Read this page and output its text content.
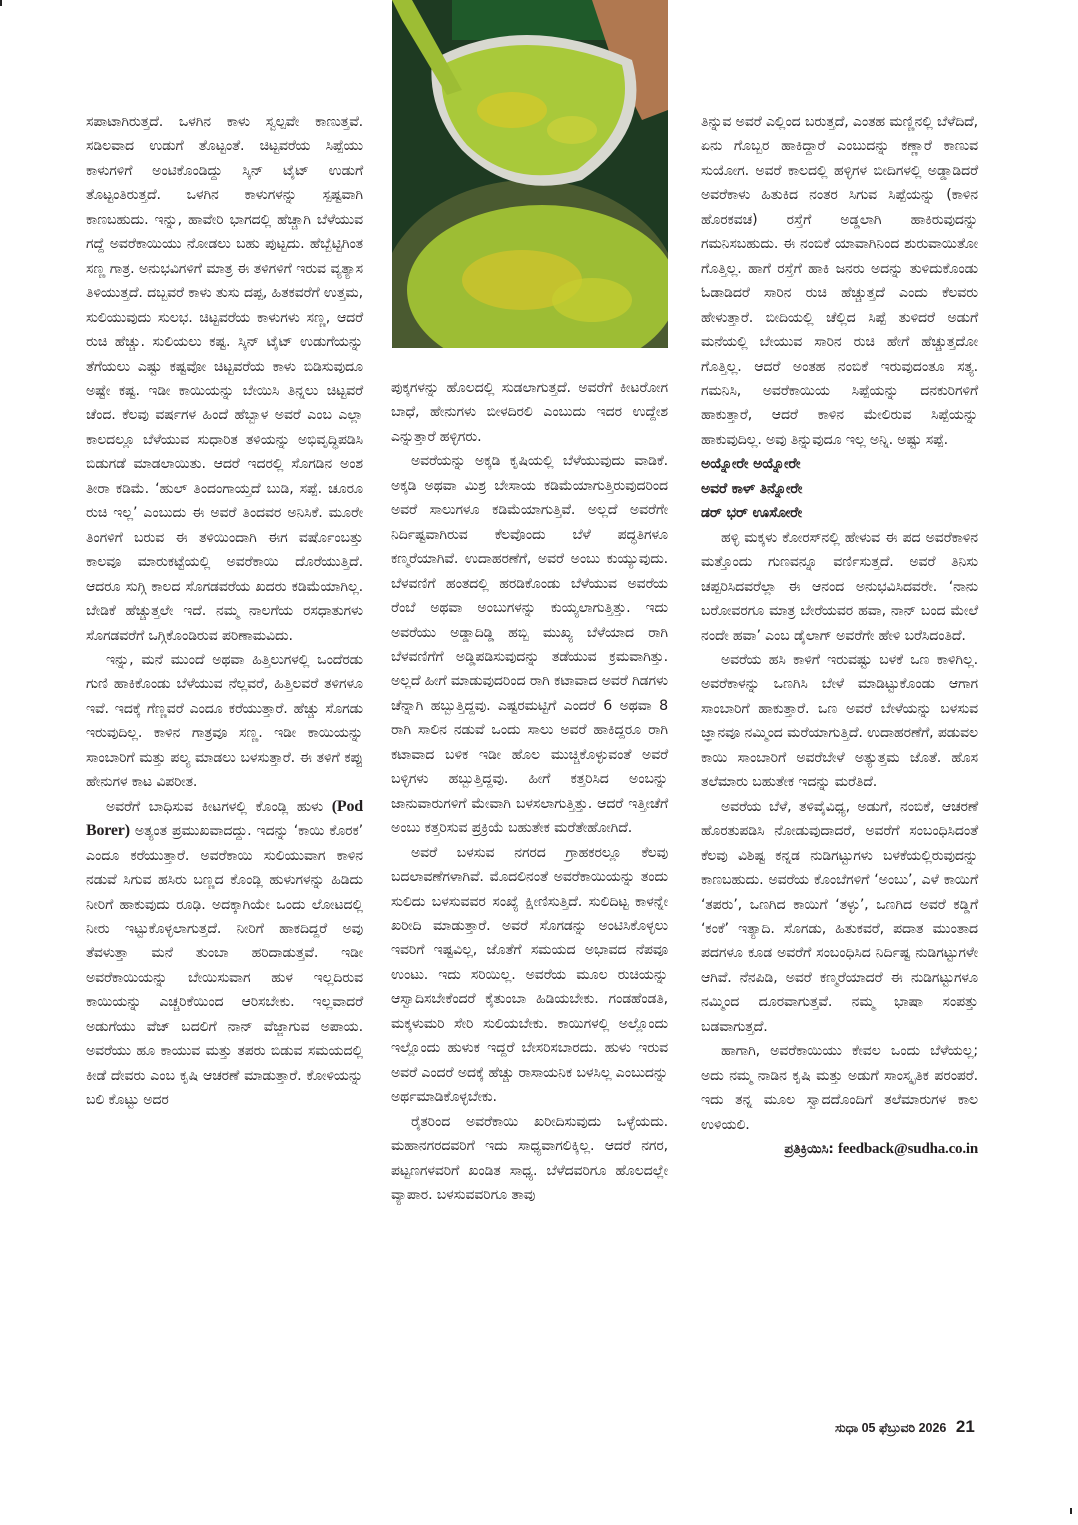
ಸಪಾಟಾಗಿರುತ್ತದೆ. ಒಳಗಿನ ಕಾಳು ಸ್ವಲ್ಪವೇ ಕಾಣುತ್ತವೆ. ಸಡಿಲವಾದ ಉಡುಗೆ ತೊಟ್ಟಂತೆ. ಚಿಟ್ಟವರೆಯ ಸಿಪ್ಪೆಯು ಕಾಳುಗಳಿಗೆ ಅಂಟಿಕೊಂಡಿದ್ದು ಸ್ಕಿನ್ ಟೈಟ್ ಉಡುಗೆ ತೊಟ್ಟಂತಿರುತ್ತದೆ. ಒಳಗಿನ ಕಾಳುಗಳನ್ನು ಸ್ಪಷ್ಟವಾಗಿ ಕಾಣಬಹುದು. ಇನ್ನು, ಹಾವೇರಿ ಭಾಗದಲ್ಲಿ ಹೆಚ್ಚಾಗಿ ಬೆಳೆಯುವ ಗದ್ದೆ ಅವರೆಕಾಯಿಯು ನೋಡಲು ಬಹು ಪುಟ್ಟದು. ಹೆಬ್ಬೆಟ್ಟಿಗಿಂತ ಸಣ್ಣ ಗಾತ್ರ. ಅನುಭವಿಗಳಿಗೆ ಮಾತ್ರ ಈ ತಳಿಗಳಿಗೆ ಇರುವ ವ್ಯತ್ಯಾಸ ತಿಳಿಯುತ್ತದೆ. ದಬ್ಬವರೆ ಕಾಳು ತುಸು ದಪ್ಪ, ಹಿತಕವರೆಗೆ ಉತ್ತಮ, ಸುಲಿಯುವುದು ಸುಲಭ. ಚಿಟ್ಟವರೆಯ ಕಾಳುಗಳು ಸಣ್ಣ, ಆದರೆ ರುಚಿ ಹೆಚ್ಚು. ಸುಲಿಯಲು ಕಷ್ಟ. ಸ್ಕಿನ್ ಟೈಟ್ ಉಡುಗೆಯನ್ನು ತೆಗೆಯಲು ಎಷ್ಟು ಕಷ್ಟವೋ ಚಿಟ್ಟವರೆಯ ಕಾಳು ಬಿಡಿಸುವುದೂ ಅಷ್ಟೇ ಕಷ್ಟ. ಇಡೀ ಕಾಯಿಯನ್ನು ಬೇಯಿಸಿ ತಿನ್ನಲು ಚಿಟ್ಟವರೆ ಚೆಂದ. ಕೆಲವು ವರ್ಷಗಳ ಹಿಂದೆ ಹೆಬ್ಬಾಳ ಅವರೆ ಎಂಬ ಎಲ್ಲಾ ಕಾಲದಲ್ಲೂ ಬೆಳೆಯುವ ಸುಧಾರಿತ ತಳಿಯನ್ನು ಅಭಿವೃದ್ಧಿಪಡಿಸಿ ಬಿಡುಗಡೆ ಮಾಡಲಾಯಿತು. ಆದರೆ ಇದರಲ್ಲಿ ಸೊಗಡಿನ ಅಂಶ ತೀರಾ ಕಡಿಮೆ. ‘ಹುಲ್ ತಿಂದಂಗಾಯ್ತದೆ ಬುಡಿ, ಸಪ್ಪೆ. ಚೂರೂ ರುಚಿ ಇಲ್ಲ’ ಎಂಬುದು ಈ ಅವರೆ ತಿಂದವರ ಅನಿಸಿಕೆ. ಮೂರೇ ತಿಂಗಳಿಗೆ ಬರುವ ಈ ತಳಿಯಿಂದಾಗಿ ಈಗ ವರ್ಷೊಂಬತ್ತು ಕಾಲವೂ ಮಾರುಕಟ್ಟೆಯಲ್ಲಿ ಅವರೆಕಾಯಿ ದೊರೆಯುತ್ತಿದೆ. ಆದರೂ ಸುಗ್ಗಿ ಕಾಲದ ಸೊಗಡವರೆಯ ಖದರು ಕಡಿಮೆಯಾಗಿಲ್ಲ. ಬೇಡಿಕೆ ಹೆಚ್ಚುತ್ತಲೇ ಇದೆ. ನಮ್ಮ ನಾಲಗೆಯ ರಸಧಾತುಗಳು ಸೊಗಡವರೆಗೆ ಒಗ್ಗಿಕೊಂಡಿರುವ ಪರಿಣಾಮವಿದು.

ಇನ್ನು, ಮನೆ ಮುಂದೆ ಅಥವಾ ಹಿತ್ತಿಲುಗಳಲ್ಲಿ ಒಂದೆರಡು ಗುಣಿ ಹಾಕಿಕೊಂಡು ಬೆಳೆಯುವ ನೆಲ್ಲವರೆ, ಹಿತ್ತಿಲವರೆ ತಳಿಗಳೂ ಇವೆ. ಇದಕ್ಕೆ ಗೆಣ್ಣವರೆ ಎಂದೂ ಕರೆಯುತ್ತಾರೆ. ಹೆಚ್ಚು ಸೊಗಡು ಇರುವುದಿಲ್ಲ. ಕಾಳಿನ ಗಾತ್ರವೂ ಸಣ್ಣ. ಇಡೀ ಕಾಯಿಯನ್ನು ಸಾಂಬಾರಿಗೆ ಮತ್ತು ಪಲ್ಯ ಮಾಡಲು ಬಳಸುತ್ತಾರೆ. ಈ ತಳಿಗೆ ಕಪ್ಪು ಹೇನುಗಳ ಕಾಟ ವಿಪರೀತ.

ಅವರೆಗೆ ಬಾಧಿಸುವ ಕೀಟಗಳಲ್ಲಿ ಕೊಂಡ್ಲಿ ಹುಳು (Pod Borer) ಅತ್ಯಂತ ಪ್ರಮುಖವಾದದ್ದು. ಇದನ್ನು ‘ಕಾಯಿ ಕೊರಕ’ ಎಂದೂ ಕರೆಯುತ್ತಾರೆ. ಅವರೆಕಾಯಿ ಸುಲಿಯುವಾಗ ಕಾಳಿನ ನಡುವೆ ಸಿಗುವ ಹಸಿರು ಬಣ್ಣದ ಕೊಂಡ್ಲಿ ಹುಳುಗಳನ್ನು ಹಿಡಿದು ನೀರಿಗೆ ಹಾಕುವುದು ರೂಢಿ. ಅದಕ್ಕಾಗಿಯೇ ಒಂದು ಲೋಟದಲ್ಲಿ ನೀರು ಇಟ್ಟುಕೊಳ್ಳಲಾಗುತ್ತದೆ. ನೀರಿಗೆ ಹಾಕದಿದ್ದರೆ ಅವು ತೆವಳುತ್ತಾ ಮನೆ ತುಂಬಾ ಹರಿದಾಡುತ್ತವೆ. ಇಡೀ ಅವರೆಕಾಯಿಯನ್ನು ಬೇಯಿಸುವಾಗ ಹುಳ ಇಲ್ಲದಿರುವ ಕಾಯಿಯನ್ನು ಎಚ್ಚರಿಕೆಯಿಂದ ಆರಿಸಬೇಕು. ಇಲ್ಲವಾದರೆ ಅಡುಗೆಯು ವೆಜ್ ಬದಲಿಗೆ ನಾನ್ ವೆಜ್ಜಾಗುವ ಅಪಾಯ. ಅವರೆಯು ಹೂ ಕಾಯುವ ಮತ್ತು ತಪರು ಬಿಡುವ ಸಮಯದಲ್ಲಿ ಕೀಡೆ ದೇವರು ಎಂಬ ಕೃಷಿ ಆಚರಣೆ ಮಾಡುತ್ತಾರೆ. ಕೋಳಿಯನ್ನು ಬಲಿ ಕೊಟ್ಟು ಅದರ

ಪುಕ್ಕಗಳನ್ನು ಹೊಲದಲ್ಲಿ ಸುಡಲಾಗುತ್ತದೆ. ಅವರೆಗೆ ಕೀಟರೋಗ ಬಾಧೆ, ಹೇನುಗಳು ಬೀಳದಿರಲಿ ಎಂಬುದು ಇದರ ಉದ್ದೇಶ ಎನ್ನುತ್ತಾರೆ ಹಳ್ಳಿಗರು.

ಅವರೆಯನ್ನು ಅಕ್ಕಡಿ ಕೃಷಿಯಲ್ಲಿ ಬೆಳೆಯುವುದು ವಾಡಿಕೆ. ಅಕ್ಕಡಿ ಅಥವಾ ಮಿಶ್ರ ಬೇಸಾಯ ಕಡಿಮೆಯಾಗುತ್ತಿರುವುದರಿಂದ ಅವರೆ ಸಾಲುಗಳೂ ಕಡಿಮೆಯಾಗುತ್ತಿವೆ. ಅಲ್ಲದೆ ಅವರೆಗೇ ನಿರ್ದಿಷ್ಟವಾಗಿರುವ ಕೆಲವೊಂದು ಬೆಳೆ ಪದ್ಧತಿಗಳೂ ಕಣ್ಮರೆಯಾಗಿವೆ. ಉದಾಹರಣೆಗೆ, ಅವರೆ ಅಂಬು ಕುಯ್ಯುವುದು. ಬೆಳವಣಿಗೆ ಹಂತದಲ್ಲಿ ಹರಡಿಕೊಂಡು ಬೆಳೆಯುವ ಅವರೆಯ ರೆಂಬೆ ಅಥವಾ ಅಂಬುಗಳನ್ನು ಕುಯ್ಯಲಾಗುತ್ತಿತ್ತು. ಇದು ಅವರೆಯು ಅಡ್ಡಾದಿಡ್ಡಿ ಹಬ್ಬಿ ಮುಖ್ಯ ಬೆಳೆಯಾದ ರಾಗಿ ಬೆಳವಣಿಗೆಗೆ ಅಡ್ಡಿಪಡಿಸುವುದನ್ನು ತಡೆಯುವ ಕ್ರಮವಾಗಿತ್ತು. ಅಲ್ಲದೆ ಹೀಗೆ ಮಾಡುವುದರಿಂದ ರಾಗಿ ಕಟಾವಾದ ಅವರೆ ಗಿಡಗಳು ಚೆನ್ನಾಗಿ ಹಬ್ಬುತ್ತಿದ್ದವು. ಎಷ್ಟರಮಟ್ಟಿಗೆ ಎಂದರೆ 6 ಅಥವಾ 8 ರಾಗಿ ಸಾಲಿನ ನಡುವೆ ಒಂದು ಸಾಲು ಅವರೆ ಹಾಕಿದ್ದರೂ ರಾಗಿ ಕಟಾವಾದ ಬಳಿಕ ಇಡೀ ಹೊಲ ಮುಚ್ಚಿಕೊಳ್ಳುವಂತೆ ಅವರೆ ಬಳ್ಳಿಗಳು ಹಬ್ಬುತ್ತಿದ್ದವು. ಹೀಗೆ ಕತ್ತರಿಸಿದ ಅಂಬನ್ನು ಜಾನುವಾರುಗಳಿಗೆ ಮೇವಾಗಿ ಬಳಸಲಾಗುತ್ತಿತ್ತು. ಆದರೆ ಇತ್ತೀಚೆಗೆ ಅಂಬು ಕತ್ತರಿಸುವ ಪ್ರಕ್ರಿಯೆ ಬಹುತೇಕ ಮರೆತೇಹೋಗಿದೆ.

ಅವರೆ ಬಳಸುವ ನಗರದ ಗ್ರಾಹಕರಲ್ಲೂ ಕೆಲವು ಬದಲಾವಣೆಗಳಾಗಿವೆ. ಮೊದಲಿನಂತೆ ಅವರೆಕಾಯಿಯನ್ನು ತಂದು ಸುಲಿದು ಬಳಸುವವರ ಸಂಖ್ಯೆ ಕ್ಷೀಣಿಸುತ್ತಿದೆ. ಸುಲಿದಿಟ್ಟ ಕಾಳನ್ನೇ ಖರೀದಿ ಮಾಡುತ್ತಾರೆ. ಅವರೆ ಸೊಗಡನ್ನು ಅಂಟಿಸಿಕೊಳ್ಳಲು ಇವರಿಗೆ ಇಷ್ಟವಿಲ್ಲ, ಜೊತೆಗೆ ಸಮಯದ ಅಭಾವದ ನೆಪವೂ ಉಂಟು. ಇದು ಸರಿಯಿಲ್ಲ. ಅವರೆಯ ಮೂಲ ರುಚಿಯನ್ನು ಆಸ್ವಾದಿಸಬೇಕೆಂದರೆ ಕೈತುಂಬಾ ಹಿಡಿಯಬೇಕು. ಗಂಡಹೆಂಡತಿ, ಮಕ್ಕಳುಮರಿ ಸೇರಿ ಸುಲಿಯಬೇಕು. ಕಾಯಿಗಳಲ್ಲಿ ಅಲ್ಲೊಂದು ಇಲ್ಲೊಂದು ಹುಳುಕ ಇದ್ದರೆ ಬೇಸರಿಸಬಾರದು. ಹುಳು ಇರುವ ಅವರೆ ಎಂದರೆ ಅದಕ್ಕೆ ಹೆಚ್ಚು ರಾಸಾಯನಿಕ ಬಳಸಿಲ್ಲ ಎಂಬುದನ್ನು ಅರ್ಥಮಾಡಿಕೊಳ್ಳಬೇಕು.

ರೈತರಿಂದ ಅವರೆಕಾಯಿ ಖರೀದಿಸುವುದು ಒಳ್ಳೆಯದು. ಮಹಾನಗರದವರಿಗೆ ಇದು ಸಾಧ್ಯವಾಗಲಿಕ್ಕಿಲ್ಲ. ಆದರೆ ನಗರ, ಪಟ್ಟಣಗಳವರಿಗೆ ಖಂಡಿತ ಸಾಧ್ಯ. ಬೆಳೆದವರಿಗೂ ಹೊಲದಲ್ಲೇ ವ್ಯಾಪಾರ. ಬಳಸುವವರಿಗೂ ತಾವು

ತಿನ್ನುವ ಅವರೆ ಎಲ್ಲಿಂದ ಬರುತ್ತದೆ, ಎಂತಹ ಮಣ್ಣಿನಲ್ಲಿ ಬೆಳೆದಿದೆ, ಏನು ಗೊಬ್ಬರ ಹಾಕಿದ್ದಾರೆ ಎಂಬುದನ್ನು ಕಣ್ಣಾರೆ ಕಾಣುವ ಸುಯೋಗ. ಅವರೆ ಕಾಲದಲ್ಲಿ ಹಳ್ಳಿಗಳ ಬೀದಿಗಳಲ್ಲಿ ಅಡ್ಡಾಡಿದರೆ ಅವರೆಕಾಳು ಹಿತುಕಿದ ನಂತರ ಸಿಗುವ ಸಿಪ್ಪೆಯನ್ನು (ಕಾಳಿನ ಹೊರಕವಚ) ರಸ್ತೆಗೆ ಅಡ್ಡಲಾಗಿ ಹಾಕಿರುವುದನ್ನು ಗಮನಿಸಬಹುದು. ಈ ನಂಬಿಕೆ ಯಾವಾಗಿನಿಂದ ಶುರುವಾಯಿತೋ ಗೊತ್ತಿಲ್ಲ. ಹಾಗೆ ರಸ್ತೆಗೆ ಹಾಕಿ ಜನರು ಅದನ್ನು ತುಳಿದುಕೊಂಡು ಓಡಾಡಿದರೆ ಸಾರಿನ ರುಚಿ ಹೆಚ್ಚುತ್ತದೆ ಎಂದು ಕೆಲವರು ಹೇಳುತ್ತಾರೆ. ಬೀದಿಯಲ್ಲಿ ಚೆಲ್ಲಿದ ಸಿಪ್ಪೆ ತುಳಿದರೆ ಅಡುಗೆ ಮನೆಯಲ್ಲಿ ಬೇಯುವ ಸಾರಿನ ರುಚಿ ಹೇಗೆ ಹೆಚ್ಚುತ್ತದೋ ಗೊತ್ತಿಲ್ಲ. ಆದರೆ ಅಂತಹ ನಂಬಿಕೆ ಇರುವುದಂತೂ ಸತ್ಯ. ಗಮನಿಸಿ, ಅವರೆಕಾಯಿಯ ಸಿಪ್ಪೆಯನ್ನು ದನಕುರಿಗಳಿಗೆ ಹಾಕುತ್ತಾರೆ, ಆದರೆ ಕಾಳಿನ ಮೇಲಿರುವ ಸಿಪ್ಪೆಯನ್ನು ಹಾಕುವುದಿಲ್ಲ. ಅವು ತಿನ್ನುವುದೂ ಇಲ್ಲ ಅನ್ನಿ. ಅಷ್ಟು ಸಪ್ಪೆ.

ಅಯ್ನೋರೇ ಅಯ್ನೋರೇ

ಅವರೆ ಕಾಳ್ ತಿನ್ನೋರೇ

ಡರ್ ಭರ್ ಊಸೋರೇ

ಹಳ್ಳಿ ಮಕ್ಕಳು ಕೋರಸ್‌ನಲ್ಲಿ ಹೇಳುವ ಈ ಪದ ಅವರೆಕಾಳಿನ ಮತ್ತೊಂದು ಗುಣವನ್ನೂ ವರ್ಣಿಸುತ್ತದೆ. ಅವರೆ ತಿನಿಸು ಚಪ್ಪರಿಸಿದವರೆಲ್ಲಾ ಈ ಆನಂದ ಅನುಭವಿಸಿದವರೇ. ‘ನಾನು ಬರೋವರಗೂ ಮಾತ್ರ ಬೇರೆಯವರ ಹವಾ, ನಾನ್ ಬಂದ ಮೇಲೆ ನಂದೇ ಹವಾ’ ಎಂಬ ಡೈಲಾಗ್ ಅವರೆಗೇ ಹೇಳಿ ಬರೆಸಿದಂತಿದೆ.

ಅವರೆಯ ಹಸಿ ಕಾಳಿಗೆ ಇರುವಷ್ಟು ಬಳಕೆ ಒಣ ಕಾಳಿಗಿಲ್ಲ. ಅವರೆಕಾಳನ್ನು ಒಣಗಿಸಿ ಬೇಳೆ ಮಾಡಿಟ್ಟುಕೊಂಡು ಆಗಾಗ ಸಾಂಬಾರಿಗೆ ಹಾಕುತ್ತಾರೆ. ಒಣ ಅವರೆ ಬೇಳೆಯನ್ನು ಬಳಸುವ ಜ್ಞಾನವೂ ನಮ್ಮಿಂದ ಮರೆಯಾಗುತ್ತಿದೆ. ಉದಾಹರಣೆಗೆ, ಪಡುವಲ ಕಾಯಿ ಸಾಂಬಾರಿಗೆ ಅವರೆಬೇಳೆ ಅತ್ಯುತ್ತಮ ಜೊತೆ. ಹೊಸ ತಲೆಮಾರು ಬಹುತೇಕ ಇದನ್ನು ಮರೆತಿದೆ.

ಅವರೆಯ ಬೆಳೆ, ತಳಿವೈವಿಧ್ಯ, ಅಡುಗೆ, ನಂಬಿಕೆ, ಆಚರಣೆ ಹೊರತುಪಡಿಸಿ ನೋಡುವುದಾದರೆ, ಅವರೆಗೆ ಸಂಬಂಧಿಸಿದಂತೆ ಕೆಲವು ವಿಶಿಷ್ಟ ಕನ್ನಡ ನುಡಿಗಟ್ಟುಗಳು ಬಳಕೆಯಲ್ಲಿರುವುದನ್ನು ಕಾಣಬಹುದು. ಅವರೆಯ ಕೊಂಬೆಗಳಿಗೆ ‘ಅಂಬು’, ಎಳೆ ಕಾಯಿಗೆ ‘ತಪರು’, ಒಣಗಿದ ಕಾಯಿಗೆ ‘ತಳ್ಳು’, ಒಣಗಿದ ಅವರೆ ಕಡ್ಡಿಗೆ ‘ಕಂಕೆ’ ಇತ್ಯಾದಿ. ಸೊಗಡು, ಹಿತುಕವರೆ, ಪದಾತ ಮುಂತಾದ ಪದಗಳೂ ಕೂಡ ಅವರೆಗೆ ಸಂಬಂಧಿಸಿದ ನಿರ್ದಿಷ್ಟ ನುಡಿಗಟ್ಟುಗಳೇ ಆಗಿವೆ. ನೆನಪಿಡಿ, ಅವರೆ ಕಣ್ಮರೆಯಾದರೆ ಈ ನುಡಿಗಟ್ಟುಗಳೂ ನಮ್ಮಿಂದ ದೂರವಾಗುತ್ತವೆ. ನಮ್ಮ ಭಾಷಾ ಸಂಪತ್ತು ಬಡವಾಗುತ್ತದೆ.

ಹಾಗಾಗಿ, ಅವರೆಕಾಯಿಯು ಕೇವಲ ಒಂದು ಬೆಳೆಯಲ್ಲ; ಅದು ನಮ್ಮ ನಾಡಿನ ಕೃಷಿ ಮತ್ತು ಅಡುಗೆ ಸಾಂಸ್ಕೃತಿಕ ಪರಂಪರೆ. ಇದು ತನ್ನ ಮೂಲ ಸ್ವಾದದೊಂದಿಗೆ ತಲೆಮಾರುಗಳ ಕಾಲ ಉಳಿಯಲಿ.

ಪ್ರತಿಕ್ರಿಯಿಸಿ: feedback@sudha.co.in

ಸುಧಾ 05 ಫೆಬ್ರುವರಿ 2026 21
